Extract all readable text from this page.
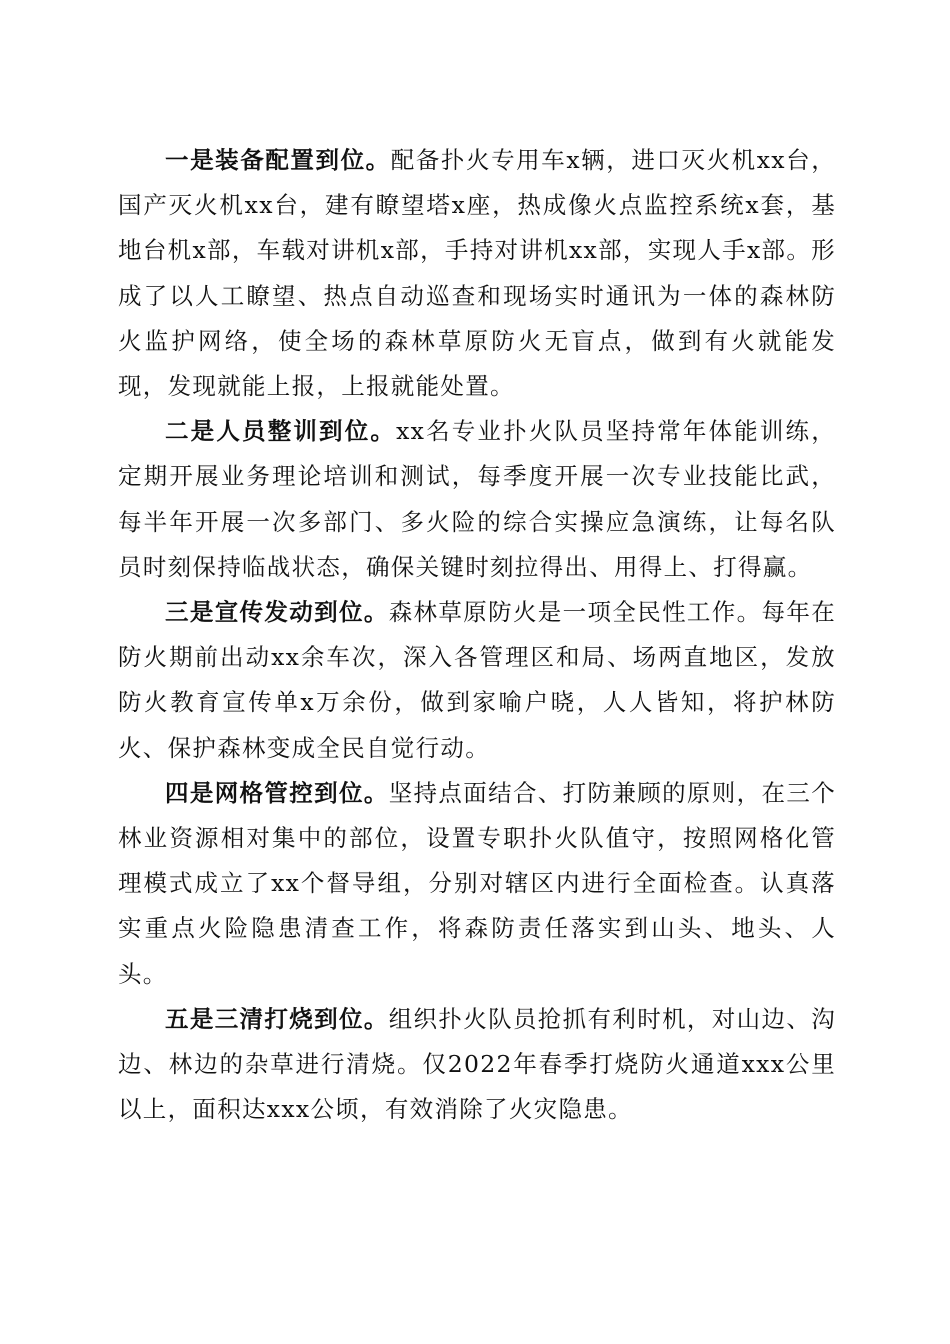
一是装备配置到位。配备扑火专用车x辆，进口灭火机xx台，国产灭火机xx台，建有瞭望塔x座，热成像火点监控系统x套，基地台机x部，车载对讲机x部，手持对讲机xx部，实现人手x部。形成了以人工瞭望、热点自动巡查和现场实时通讯为一体的森林防火监护网络，使全场的森林草原防火无盲点，做到有火就能发现，发现就能上报，上报就能处置。

二是人员整训到位。xx名专业扑火队员坚持常年体能训练，定期开展业务理论培训和测试，每季度开展一次专业技能比武，每半年开展一次多部门、多火险的综合实操应急演练，让每名队员时刻保持临战状态，确保关键时刻拉得出、用得上、打得赢。

三是宣传发动到位。森林草原防火是一项全民性工作。每年在防火期前出动xx余车次，深入各管理区和局、场两直地区，发放防火教育宣传单x万余份，做到家喻户晓，人人皆知，将护林防火、保护森林变成全民自觉行动。

四是网格管控到位。坚持点面结合、打防兼顾的原则，在三个林业资源相对集中的部位，设置专职扑火队值守，按照网格化管理模式成立了xx个督导组，分别对辖区内进行全面检查。认真落实重点火险隐患清查工作，将森防责任落实到山头、地头、人头。

五是三清打烧到位。组织扑火队员抢抓有利时机，对山边、沟边、林边的杂草进行清烧。仅2022年春季打烧防火通道xxx公里以上，面积达xxx公顷，有效消除了火灾隐患。
